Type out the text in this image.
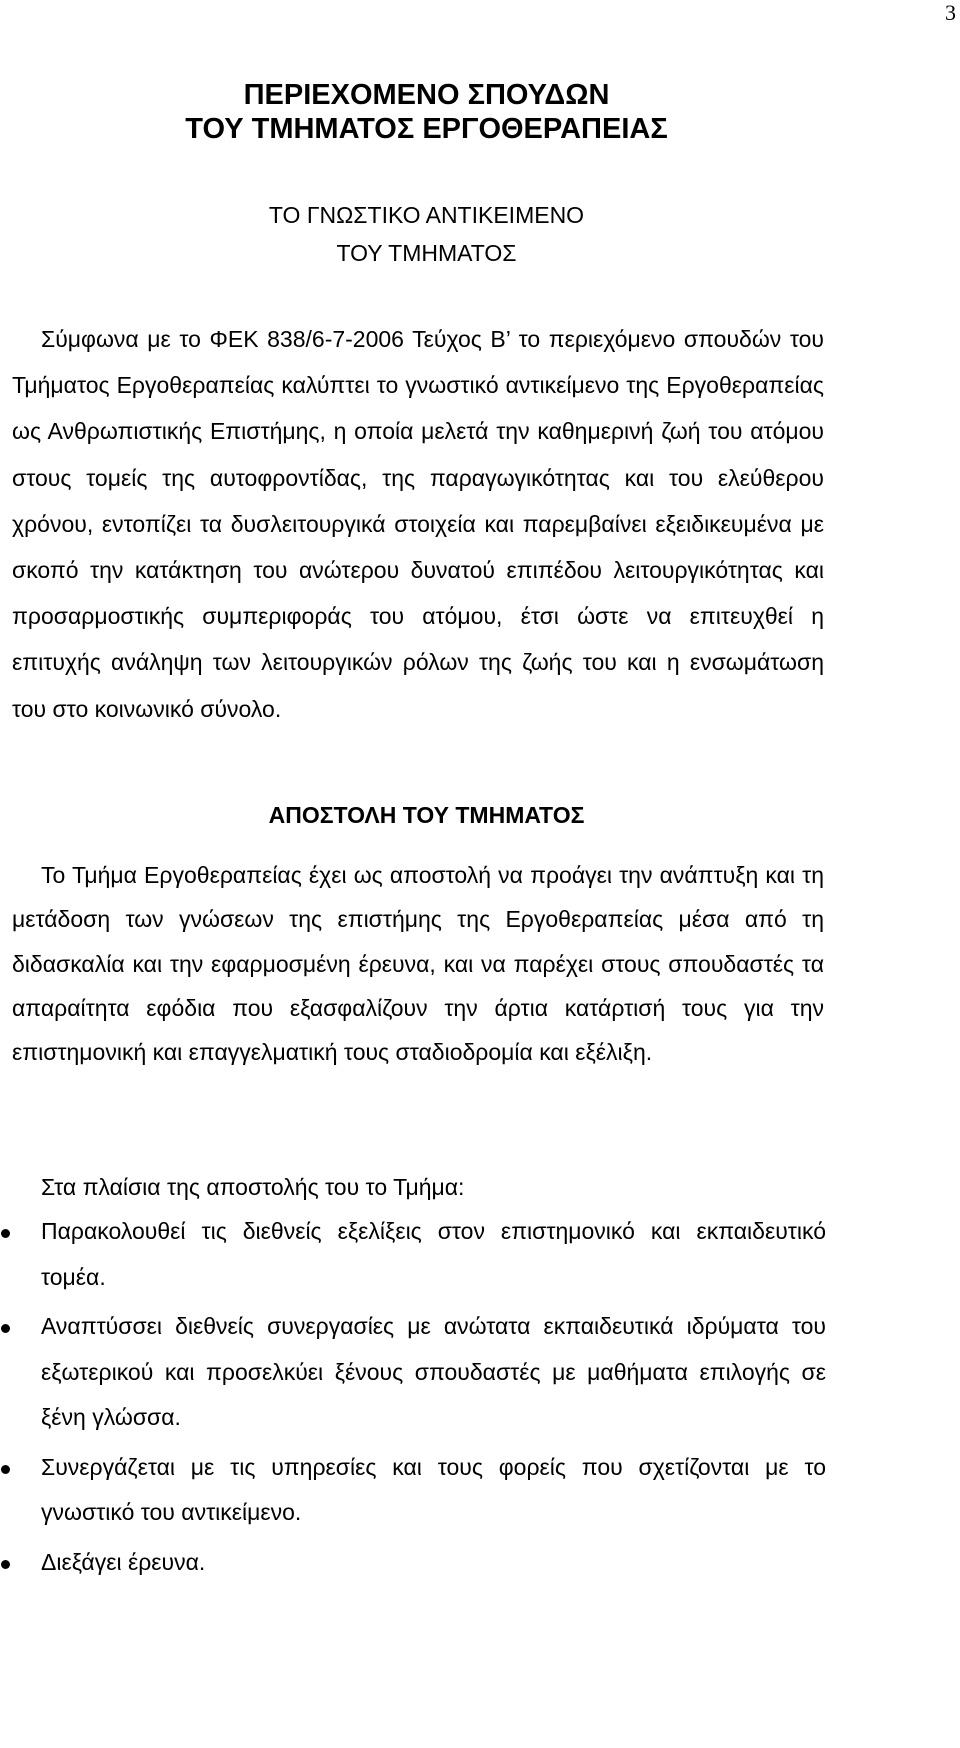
3
ΠΕΡΙΕΧΟΜΕΝΟ ΣΠΟΥΔΩΝ
ΤΟΥ ΤΜΗΜΑΤΟΣ ΕΡΓΟΘΕΡΑΠΕΙΑΣ
ΤΟ ΓΝΩΣΤΙΚΟ ΑΝΤΙΚΕΙΜΕΝΟ
ΤΟΥ ΤΜΗΜΑΤΟΣ

Σύμφωνα με το ΦΕΚ 838/6-7-2006 Τεύχος Β’ το περιεχόμενο σπουδών του Τμήματος Εργοθεραπείας καλύπτει το γνωστικό αντικείμενο της Εργοθεραπείας ως Ανθρωπιστικής Επιστήμης, η οποία μελετά την καθημερινή ζωή του ατόμου στους τομείς της αυτοφροντίδας, της παραγωγικότητας και του ελεύθερου χρόνου, εντοπίζει τα δυσλειτουργικά στοιχεία και παρεμβαίνει εξειδικευμένα με σκοπό την κατάκτηση του ανώτερου δυνατού επιπέδου λειτουργικότητας και προσαρμοστικής συμπεριφοράς του ατόμου, έτσι ώστε να επιτευχθεί η επιτυχής ανάληψη των λειτουργικών ρόλων της ζωής του και η ενσωμάτωση του στο κοινωνικό σύνολο.

ΑΠΟΣΤΟΛΗ ΤΟΥ ΤΜΗΜΑΤΟΣ

Το Τμήμα Εργοθεραπείας έχει ως αποστολή να προάγει την ανάπτυξη και τη μετάδοση των γνώσεων της επιστήμης της Εργοθεραπείας μέσα από τη διδασκαλία και την εφαρμοσμένη έρευνα, και να παρέχει στους σπουδαστές τα απαραίτητα εφόδια που εξασφαλίζουν την άρτια κατάρτισή τους για την επιστημονική και επαγγελματική τους σταδιοδρομία και εξέλιξη.

Στα πλαίσια της αποστολής του το Τμήμα:
Παρακολουθεί τις διεθνείς εξελίξεις στον επιστημονικό και εκπαιδευτικό τομέα.
Αναπτύσσει διεθνείς συνεργασίες με ανώτατα εκπαιδευτικά ιδρύματα του εξωτερικού και προσελκύει ξένους σπουδαστές με μαθήματα επιλογής σε ξένη γλώσσα.
Συνεργάζεται με τις υπηρεσίες και τους φορείς που σχετίζονται με το γνωστικό του αντικείμενο.
Διεξάγει έρευνα.
